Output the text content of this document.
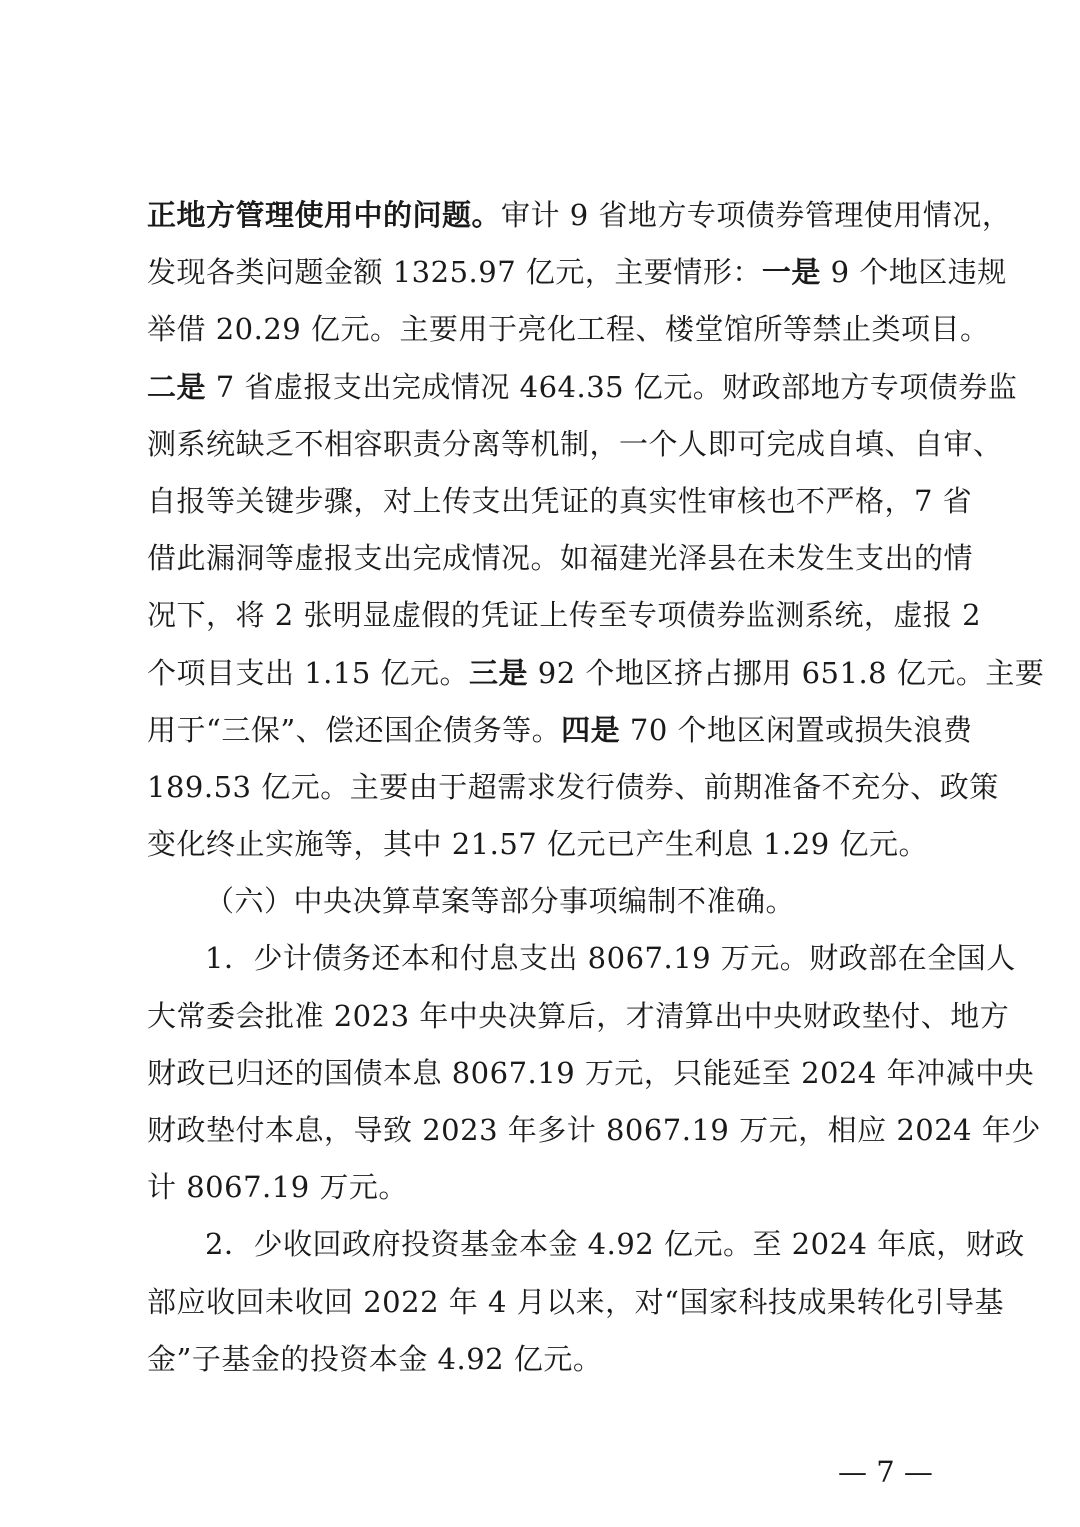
正地方管理使用中的问题。审计 9 省地方专项债券管理使用情况，
发现各类问题金额 1325.97 亿元，主要情形：一是 9 个地区违规
举借 20.29 亿元。主要用于亮化工程、楼堂馆所等禁止类项目。
二是 7 省虚报支出完成情况 464.35 亿元。财政部地方专项债券监
测系统缺乏不相容职责分离等机制，一个人即可完成自填、自审、
自报等关键步骤，对上传支出凭证的真实性审核也不严格，7 省
借此漏洞等虚报支出完成情况。如福建光泽县在未发生支出的情
况下，将 2 张明显虚假的凭证上传至专项债券监测系统，虚报 2
个项目支出 1.15 亿元。三是 92 个地区挤占挪用 651.8 亿元。主要
用于“三保”、偿还国企债务等。四是 70 个地区闲置或损失浪费
189.53 亿元。主要由于超需求发行债券、前期准备不充分、政策
变化终止实施等，其中 21.57 亿元已产生利息 1.29 亿元。
（六）中央决算草案等部分事项编制不准确。
1．少计债务还本和付息支出 8067.19 万元。财政部在全国人
大常委会批准 2023 年中央决算后，才清算出中央财政垫付、地方
财政已归还的国债本息 8067.19 万元，只能延至 2024 年冲减中央
财政垫付本息，导致 2023 年多计 8067.19 万元，相应 2024 年少
计 8067.19 万元。
2．少收回政府投资基金本金 4.92 亿元。至 2024 年底，财政
部应收回未收回 2022 年 4 月以来，对“国家科技成果转化引导基
金”子基金的投资本金 4.92 亿元。
— 7 —
